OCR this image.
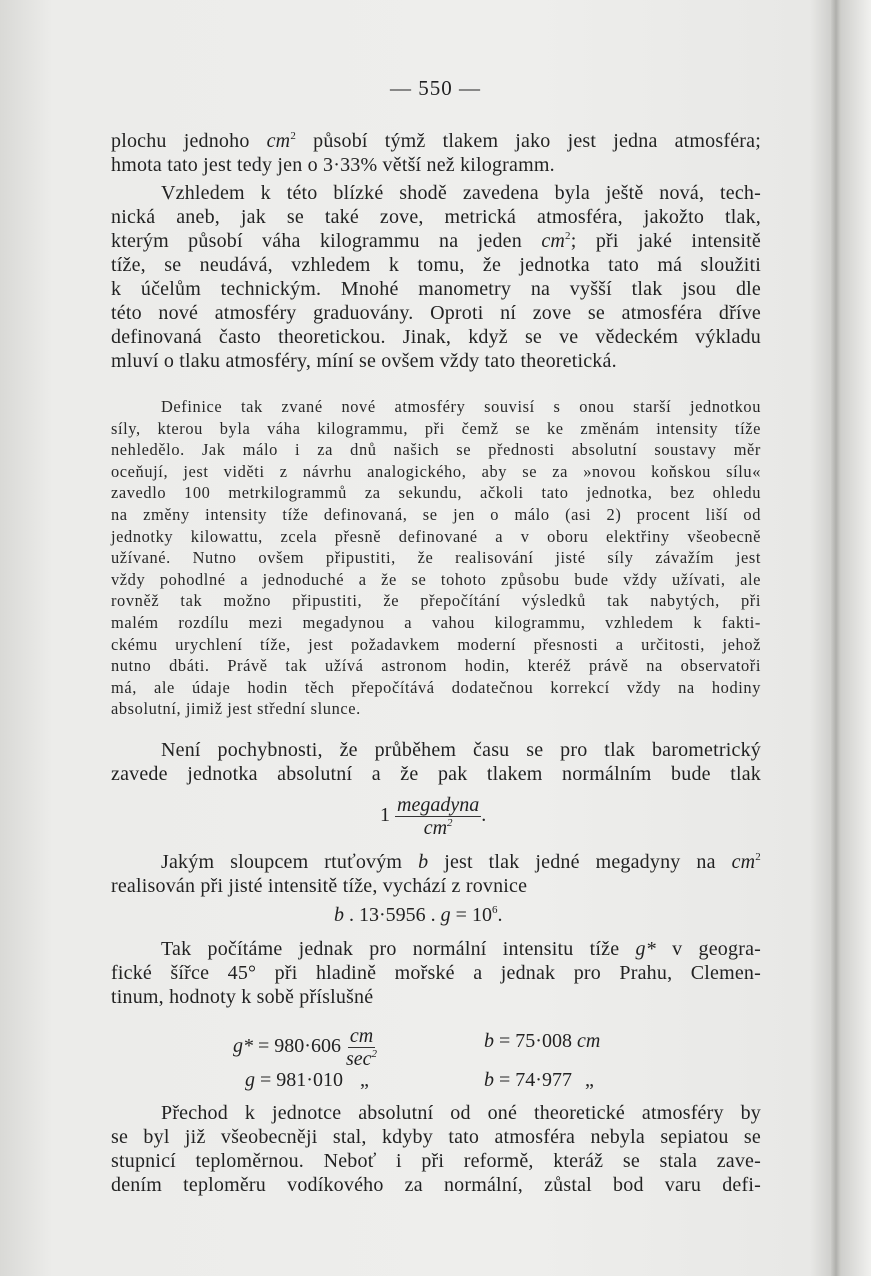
— 550 —
plochu jednoho $cm^2$ působí týmž tlakem jako jest jedna atmosféra;
hmota tato jest tedy jen o 3·33% větší než kilogramm.
Vzhledem k této blízké shodě zavedena byla ještě nová, tech-
nická aneb, jak se také zove, metrická atmosféra, jakožto tlak,
kterým působí váha kilogrammu na jeden $cm^2$; při jaké intensitě
tíže, se neudává, vzhledem k tomu, že jednotka tato má sloužiti
k účelům technickým. Mnohé manometry na vyšší tlak jsou dle
této nové atmosféry graduovány. Oproti ní zove se atmosféra dříve
definovaná často theoretickou. Jinak, když se ve vědeckém výkladu
mluví o tlaku atmosféry, míní se ovšem vždy tato theoretická.
Definice tak zvané nové atmosféry souvisí s onou starší jednotkou
síly, kterou byla váha kilogrammu, při čemž se ke změnám intensity tíže
nehledělo. Jak málo i za dnů našich se přednosti absolutní soustavy měr
oceňují, jest viděti z návrhu analogického, aby se za »novou koňskou sílu«
zavedlo 100 metrkilogrammů za sekundu, ačkoli tato jednotka, bez ohledu
na změny intensity tíže definovaná, se jen o málo (asi 2) procent liší od
jednotky kilowattu, zcela přesně definované a v oboru elektřiny všeobecně
užívané. Nutno ovšem připustiti, že realisování jisté síly závažím jest
vždy pohodlné a jednoduché a že se tohoto způsobu bude vždy užívati, ale
rovněž tak možno připustiti, že přepočítání výsledků tak nabytých, při
malém rozdílu mezi megadynou a vahou kilogrammu, vzhledem k fakti-
ckému urychlení tíže, jest požadavkem moderní přesnosti a určitosti, jehož
nutno dbáti. Právě tak užívá astronom hodin, kteréž právě na observatoři
má, ale údaje hodin těch přepočítává dodatečnou korrekcí vždy na hodiny
absolutní, jimiž jest střední slunce.
Není pochybnosti, že průběhem času se pro tlak barometrický
zavede jednotka absolutní a že pak tlakem normálním bude tlak
$1 \frac{\text{megadyna}}{cm^2}$ .
Jakým sloupcem rtuťovým b jest tlak jedné megadyny na $cm^2$
realisován při jisté intensitě tíže, vychází z rovnice
b . 13·5956 . $g = 10^6$.
Tak počítáme jednak pro normální intensitu tíže g* v geogra-
fické šířce 45° při hladině mořské a jednak pro Prahu, Clemen-
tinum, hodnoty k sobě příslušné
$g* = 980\cdot 606 \frac{cm}{\sec^2}$	b = 75·008 cm
g = 981·010 „	b = 74·977 „
Přechod k jednotce absolutní od oné theoretické atmosféry by
se byl již všeobecněji stal, kdyby tato atmosféra nebyla sepiatou se
stupnicí teploměrnou. Neboť i při reformě, kteráž se stala zave-
dením teploměru vodíkového za normální, zůstal bod varu defi-
